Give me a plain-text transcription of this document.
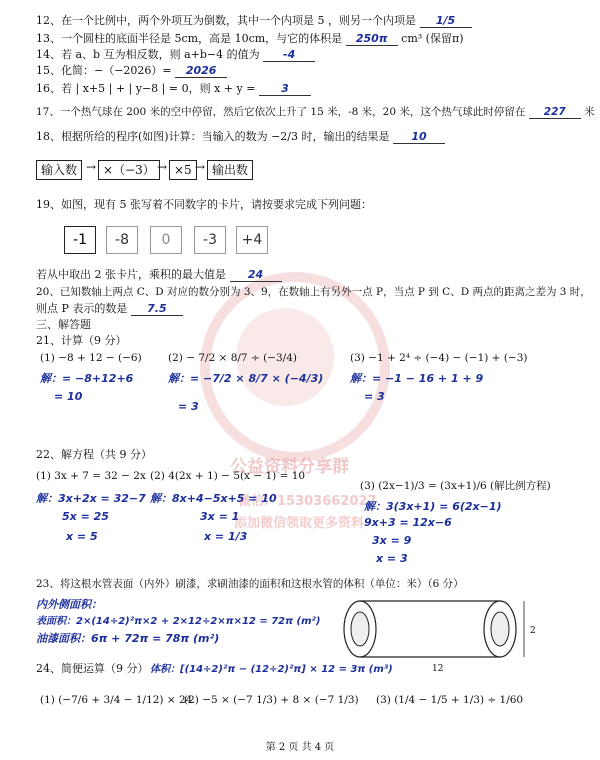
公益资料分享群
微信：15303662027
添加微信领取更多资料
12、在一个比例中，两个外项互为倒数，其中一个内项是 5 ，则另一个内项是 1/5
13、一个圆柱的底面半径是 5cm，高是 10cm，与它的体积是 250π cm³ (保留π)
14、若 a、b 互为相反数，则 a+b−4 的值为 -4
15、化简：−（−2026）= 2026
16、若 | x+5 | + | y−8 | = 0，则 x + y = 3
17、一个热气球在 200 米的空中停留，然后它依次上升了 15 米，-8 米，20 米，这个热气球此时停留在 227 米
18、根据所给的程序(如图)计算：当输入的数为 −2/3 时，输出的结果是 10
输入数 → ×（−3） → ×5 → 输出数
19、如图，现有 5 张写着不同数字的卡片，请按要求完成下列问题：
-1	-8	0	-3	+4
若从中取出 2 张卡片，乘积的最大值是 24
20、已知数轴上两点 C、D 对应的数分别为 3、9，在数轴上有另外一点 P，当点 P 到 C、D 两点的距离之差为 3 时，
则点 P 表示的数是 7.5
三、解答题
21、计算（9 分）
(1) −8 + 12 − (−6)	(2) − 7/2 × 8/7 ÷ (−3/4)	(3) −1 + 2⁴ ÷ (−4) − (−1) + (−3)
解：= −8+12+6
= 10
解：= −7/2 × 8/7 × (−4/3)
= 3
解：= −1 − 16 + 1 + 9
= 3
22、解方程（共 9 分）
(1) 3x + 7 = 32 − 2x (2) 4(2x + 1) − 5(x − 1) = 10
(3) (2x−1)/3 = (3x+1)/6 (解比例方程)
解：3x+2x = 32−7
5x = 25
x = 5
解：8x+4−5x+5 = 10
3x = 1
x = 1/3
解：3(3x+1) = 6(2x−1)
9x+3 = 12x−6
3x = 9
x = 3
23、将这根水管表面（内外）刷漆，求刷油漆的面积和这根水管的体积（单位：米）（6 分）
内外侧面积：
表面积：2×(14÷2)²π×2 + 2×12÷2×π×12 = 72π (m²)
油漆面积：6π + 72π = 78π (m²)
体积：[(14÷2)²π − (12÷2)²π] × 12 = 3π (m³)
2
12
24、简便运算（9 分）
(1) (−7/6 + 3/4 − 1/12) × 24
(2) −5 × (−7 1/3) + 8 × (−7 1/3) (3) (1/4 − 1/5 + 1/3) ÷ 1/60
第 2 页 共 4 页
